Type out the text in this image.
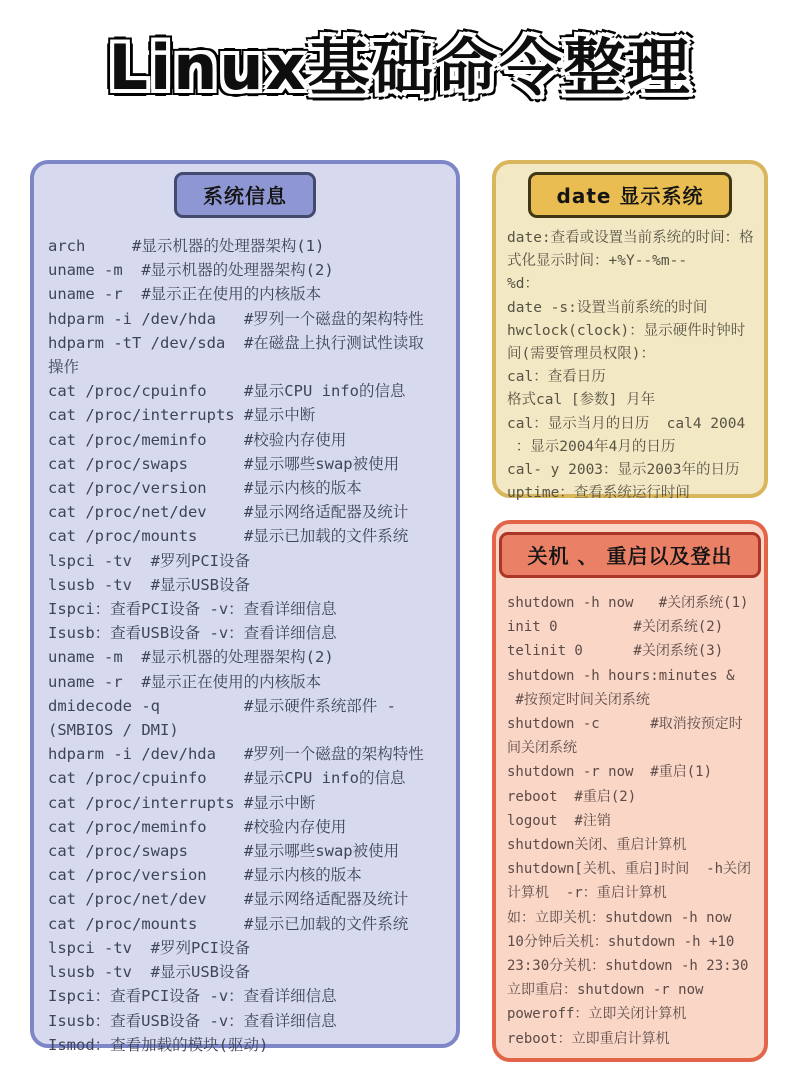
Linux基础命令整理
系统信息
arch     #显示机器的处理器架构(1)
uname -m  #显示机器的处理器架构(2)
uname -r  #显示正在使用的内核版本
hdparm -i /dev/hda   #罗列一个磁盘的架构特性
hdparm -tT /dev/sda  #在磁盘上执行测试性读取
操作
cat /proc/cpuinfo    #显示CPU info的信息
cat /proc/interrupts #显示中断
cat /proc/meminfo    #校验内存使用
cat /proc/swaps      #显示哪些swap被使用
cat /proc/version    #显示内核的版本
cat /proc/net/dev    #显示网络适配器及统计
cat /proc/mounts     #显示已加载的文件系统
lspci -tv  #罗列PCI设备
lsusb -tv  #显示USB设备
Ispci：查看PCI设备 -v：查看详细信息
Isusb：查看USB设备 -v：查看详细信息
uname -m  #显示机器的处理器架构(2)
uname -r  #显示正在使用的内核版本
dmidecode -q         #显示硬件系统部件 -
(SMBIOS / DMI)
hdparm -i /dev/hda   #罗列一个磁盘的架构特性
cat /proc/cpuinfo    #显示CPU info的信息
cat /proc/interrupts #显示中断
cat /proc/meminfo    #校验内存使用
cat /proc/swaps      #显示哪些swap被使用
cat /proc/version    #显示内核的版本
cat /proc/net/dev    #显示网络适配器及统计
cat /proc/mounts     #显示已加载的文件系统
lspci -tv  #罗列PCI设备
lsusb -tv  #显示USB设备
Ispci：查看PCI设备 -v：查看详细信息
Isusb：查看USB设备 -v：查看详细信息
Ismod：查看加载的模块(驱动)
date 显示系统
date:查看或设置当前系统的时间：格
式化显示时间：+%Y--%m--
%d：
date -s:设置当前系统的时间
hwclock(clock)：显示硬件时钟时
间(需要管理员权限)：
cal：查看日历
格式cal [参数] 月年
cal：显示当月的日历  cal4 2004
：显示2004年4月的日历
cal- y 2003：显示2003年的日历
uptime：查看系统运行时间
关机 、 重启以及登出
shutdown -h now   #关闭系统(1)
init 0         #关闭系统(2)
telinit 0      #关闭系统(3)
shutdown -h hours:minutes &
#按预定时间关闭系统
shutdown -c      #取消按预定时
间关闭系统
shutdown -r now  #重启(1)
reboot  #重启(2)
logout  #注销
shutdown关闭、重启计算机
shutdown[关机、重启]时间  -h关闭
计算机  -r：重启计算机
如：立即关机：shutdown -h now
10分钟后关机：shutdown -h +10
23:30分关机：shutdown -h 23:30
立即重启：shutdown -r now
poweroff：立即关闭计算机
reboot：立即重启计算机
